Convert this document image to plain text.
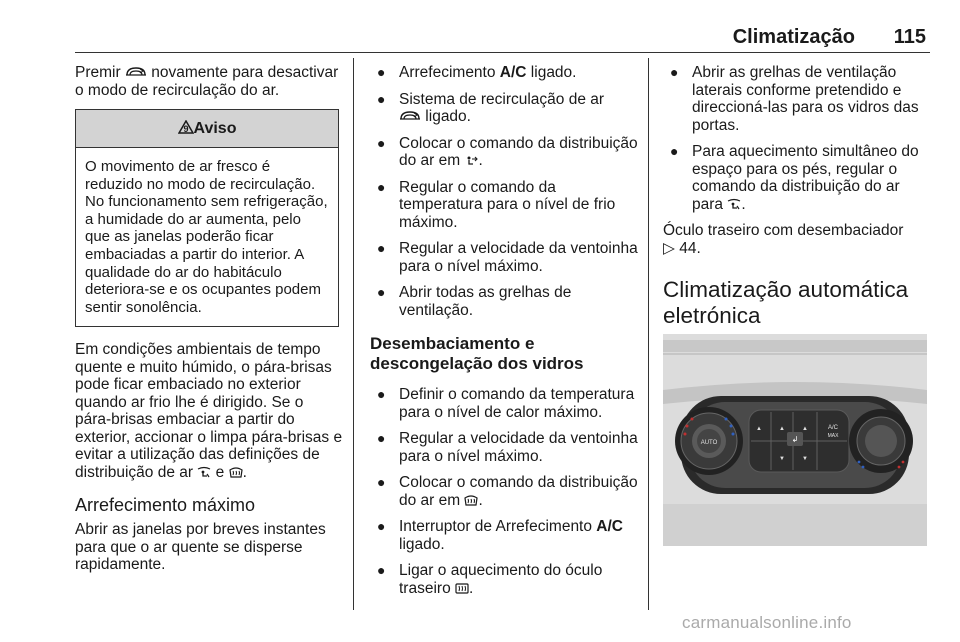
Climatização 115

Premir  novamente para desactivar o modo de recirculação do ar.

9 Aviso
O movimento de ar fresco é reduzido no modo de recirculação. No funcionamento sem refrigeração, a humidade do ar aumenta, pelo que as janelas poderão ficar embaciadas a partir do interior. A qualidade do ar do habitáculo deteriora-se e os ocupantes podem sentir sonolência.

Em condições ambientais de tempo quente e muito húmido, o pára-brisas pode ficar embaciado no exterior quando ar frio lhe é dirigido. Se o pára-brisas embaciar a partir do exterior, accionar o limpa pára-brisas e evitar a utilização das definições de distribuição de ar  e .

Arrefecimento máximo

Abrir as janelas por breves instantes para que o ar quente se disperse rapidamente.

● Arrefecimento A/C ligado.
● Sistema de recirculação de ar
ligado.
● Colocar o comando da distribuição do ar em .
● Regular o comando da temperatura para o nível de frio máximo.
● Regular a velocidade da ventoinha para o nível máximo.
● Abrir todas as grelhas de ventilação.

Desembaciamento e descongelação dos vidros

● Definir o comando da temperatura para o nível de calor máximo.
● Regular a velocidade da ventoinha para o nível máximo.
● Colocar o comando da distribuição do ar em .
● Interruptor de Arrefecimento A/C ligado.
● Ligar o aquecimento do óculo traseiro .
● Abrir as grelhas de ventilação laterais conforme pretendido e direccioná-las para os vidros das portas.
● Para aquecimento simultâneo do espaço para os pés, regular o comando da distribuição do ar para .

Óculo traseiro com desembaciador
▷ 44.

Climatização automática eletrónica

AUTO
▲	▲
▼
▲
▼
A/C
MAX
↲
carmanualsonline.info
